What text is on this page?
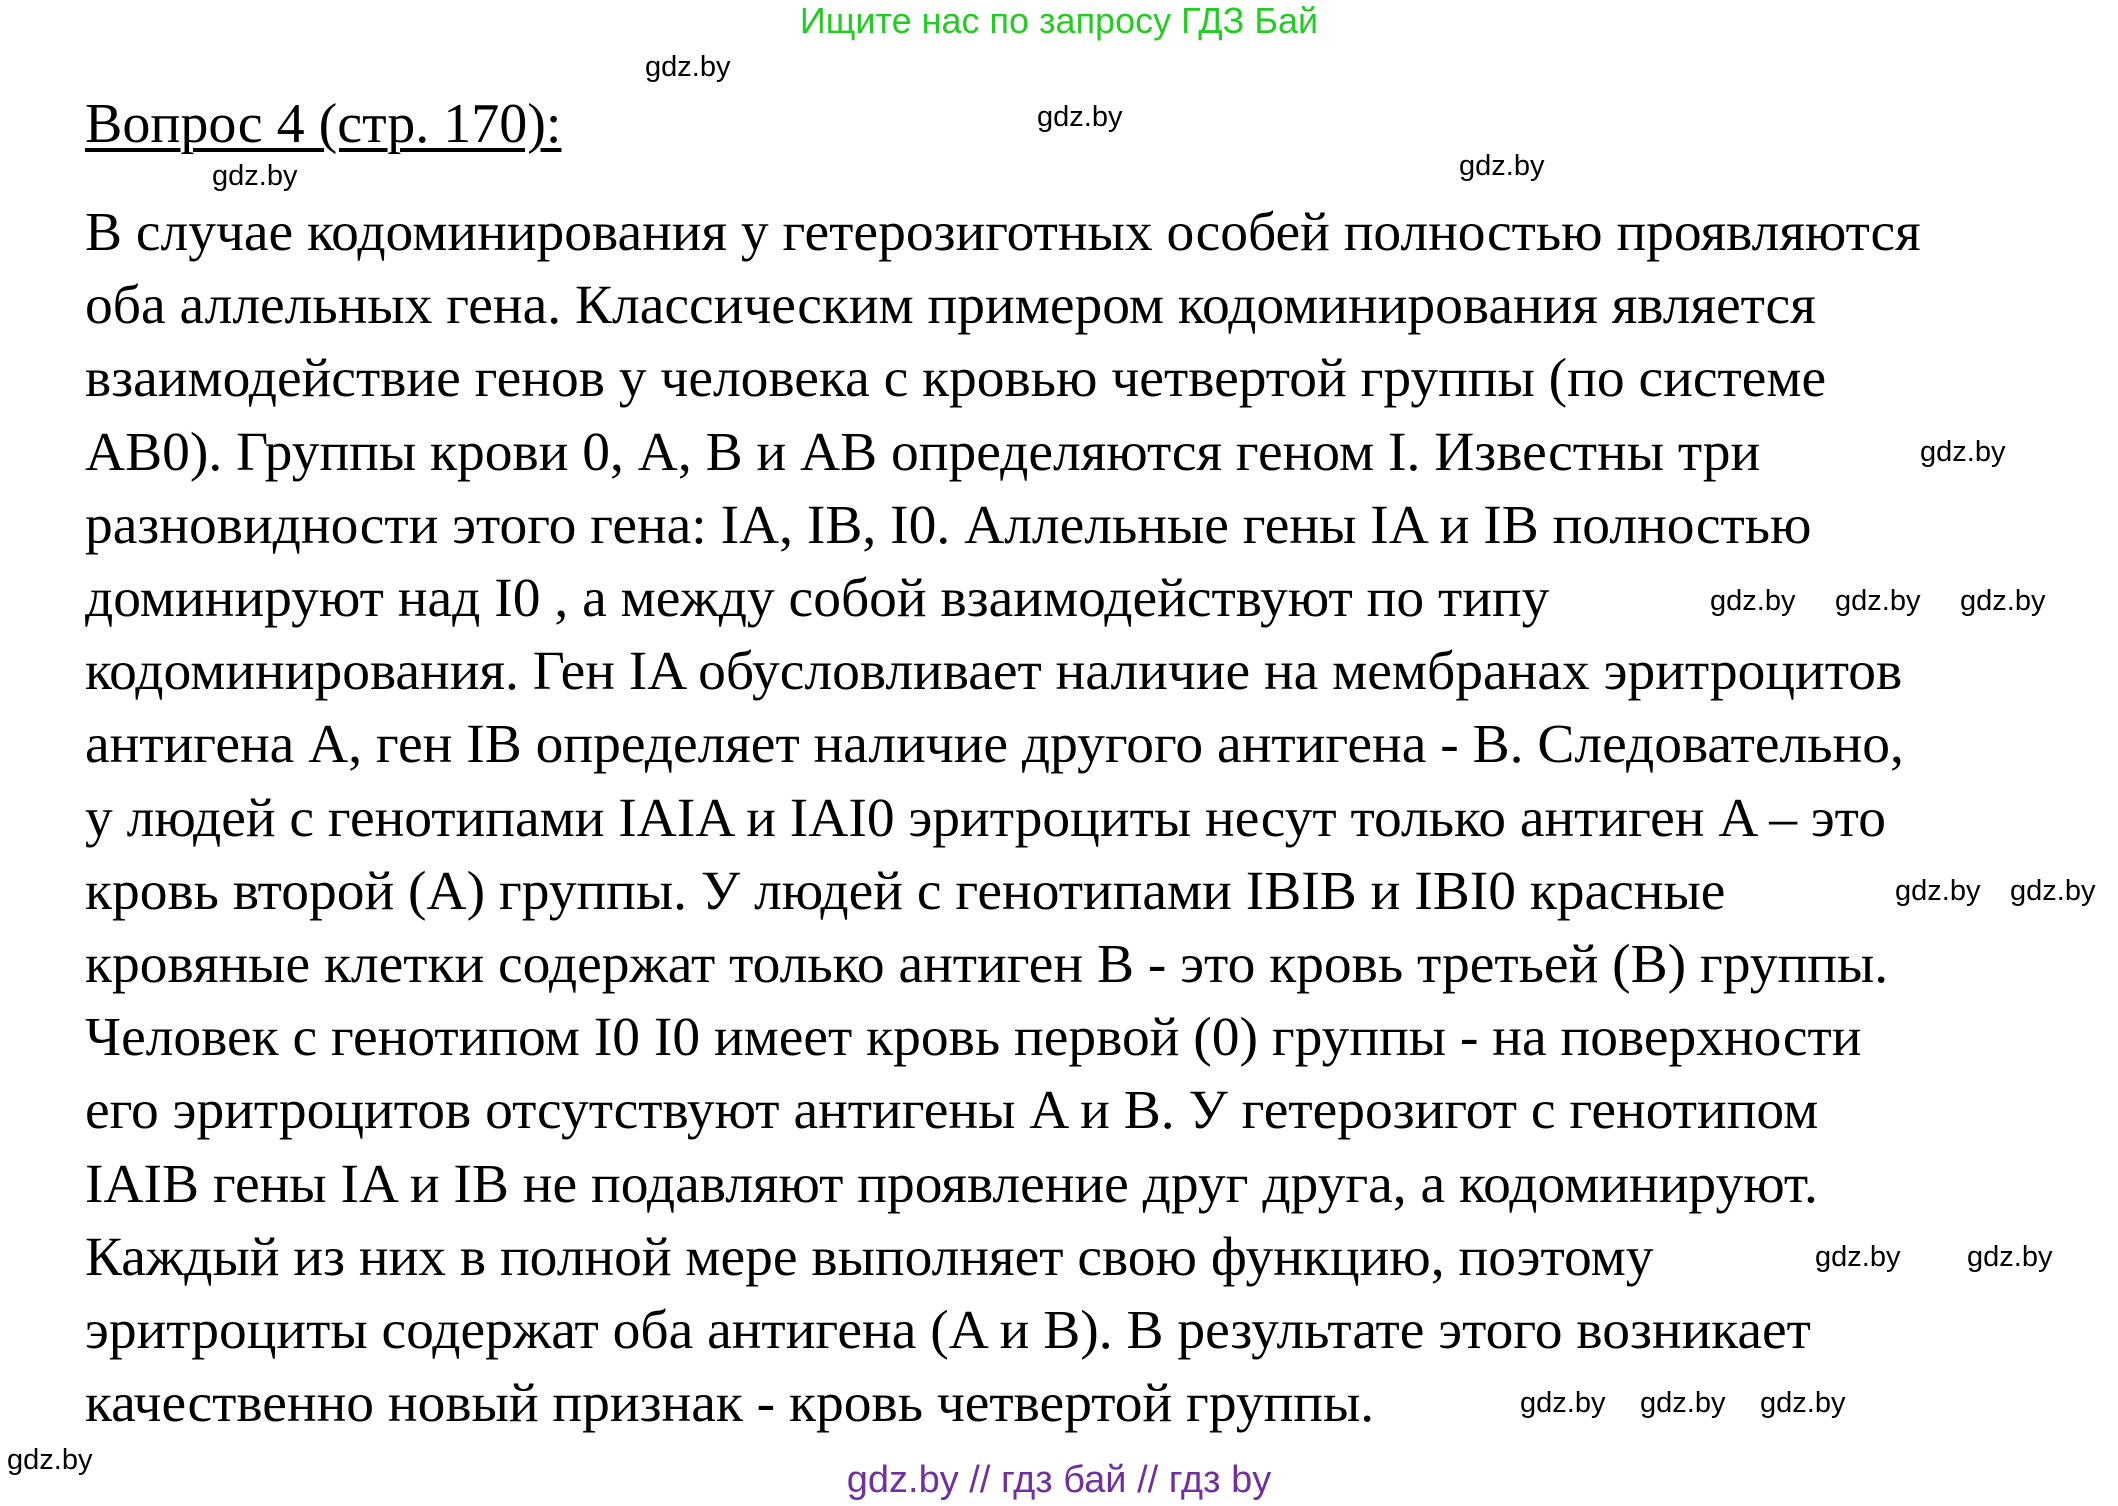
Ищите нас по запросу ГДЗ Бай
Вопрос 4 (стр. 170):
В случае кодоминирования у гетерозиготных особей полностью проявляются
оба аллельных гена. Классическим примером кодоминирования является
взаимодействие генов у человека с кровью четвертой группы (по системе
AB0). Группы крови 0, A, B и AB определяются геном I. Известны три
разновидности этого гена: IA, IB, I0. Аллельные гены IA и IB полностью
доминируют над I0 , а между собой взаимодействуют по типу
кодоминирования. Ген IA обусловливает наличие на мембранах эритроцитов
антигена A, ген IB определяет наличие другого антигена - B. Следовательно,
у людей с генотипами IAIA и IAI0 эритроциты несут только антиген A – это
кровь второй (A) группы. У людей с генотипами IBIB и IBI0 красные
кровяные клетки содержат только антиген B - это кровь третьей (B) группы.
Человек с генотипом I0 I0 имеет кровь первой (0) группы - на поверхности
его эритроцитов отсутствуют антигены A и B. У гетерозигот с генотипом
IAIB гены IA и IB не подавляют проявление друг друга, а кодоминируют.
Каждый из них в полной мере выполняет свою функцию, поэтому
эритроциты содержат оба антигена (A и B). В результате этого возникает
качественно новый признак - кровь четвертой группы.
gdz.by
gdz.by
gdz.by	gdz.by
gdz.by
gdz.by gdz.by gdz.by
gdz.by gdz.by
gdz.by gdz.by
gdz.by gdz.by gdz.by
gdz.by	gdz.by // гдз бай // гдз by
